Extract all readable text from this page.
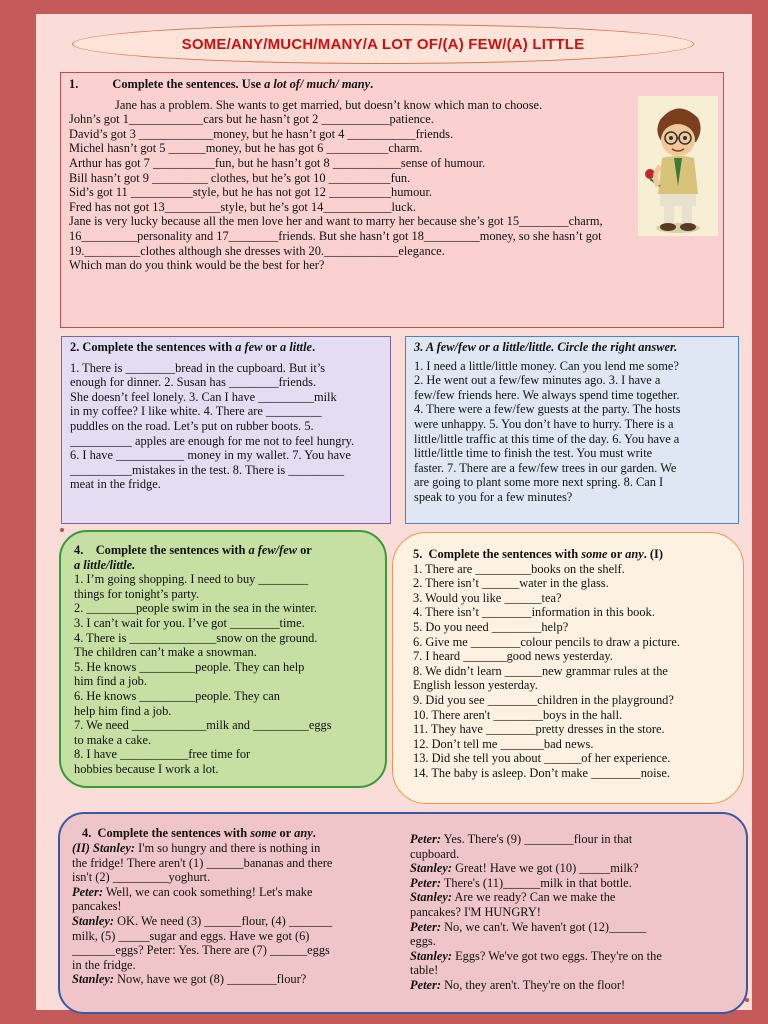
SOME/ANY/MUCH/MANY/A LOT OF/(A) FEW/(A) LITTLE

1.	Complete the sentences. Use a lot of/ much/ many.

Jane has a problem. She wants to get married, but doesn’t know which man to choose.
John’s got 1____________cars but he hasn’t got 2 ___________patience.
David’s got 3 ____________money, but he hasn’t got 4 ___________friends.
Michel hasn’t got 5 ______money, but he has got 6 __________charm.
Arthur has got 7 __________fun, but he hasn’t got 8 ___________sense of humour.
Bill hasn’t got 9 _________ clothes, but he’s got 10 __________fun.
Sid’s got 11 __________style, but he has not got 12 __________humour.
Fred has not got 13_________style, but he’s got 14___________luck.
Jane is very lucky because all the men love her and want to marry her because she’s got 15________charm,
16_________personality and 17________friends. But she hasn’t got 18_________money, so she hasn’t got
19._________clothes although she dresses with 20.____________elegance.
Which man do you think would be the best for her?

2. Complete the sentences with a few or a little.

1. There is ________bread in the cupboard. But it’s
enough for dinner. 2. Susan has ________friends.
She doesn’t feel lonely. 3. Can I have _________milk
in my coffee? I like white. 4. There are _________
puddles on the road. Let’s put on rubber boots. 5.
__________ apples are enough for me not to feel hungry.
6. I have ___________ money in my wallet. 7. You have
__________mistakes in the test. 8. There is _________
meat in the fridge.

3. A few/few or a little/little. Circle the right answer.

1. I need a little/little money. Can you lend me some?
2. He went out a few/few minutes ago. 3. I have a
few/few friends here. We always spend time together.
4. There were a few/few guests at the party. The hosts
were unhappy. 5. You don’t have to hurry. There is a
little/little traffic at this time of the day. 6. You have a
little/little time to finish the test. You must write
faster. 7. There are a few/few trees in our garden. We
are going to plant some more next spring. 8. Can I
speak to you for a few minutes?

4. Complete the sentences with a few/few or
a little/little.

1. I’m going shopping. I need to buy ________
things for tonight’s party.
2. ________people swim in the sea in the winter.
3. I can’t wait for you. I’ve got ________time.
4. There is ______________snow on the ground.
The children can’t make a snowman.
5. He knows _________people. They can help
him find a job.
6. He knows _________people. They can
help him find a job.
7. We need ____________milk and _________eggs
to make a cake.
8. I have ___________free time for
hobbies because I work a lot.

5. Complete the sentences with some or any. (I)

1. There are _________books on the shelf.
2. There isn’t ______water in the glass.
3. Would you like ______tea?
4. There isn’t ________information in this book.
5. Do you need ________help?
6. Give me ________colour pencils to draw a picture.
7. I heard _______good news yesterday.
8. We didn’t learn ______new grammar rules at the
English lesson yesterday.
9. Did you see ________children in the playground?
10. There aren't ________boys in the hall.
11. They have ________pretty dresses in the store.
12. Don’t tell me _______bad news.
13. Did she tell you about ______of her experience.
14. The baby is asleep. Don’t make ________noise.

4. Complete the sentences with some or any.

(II) Stanley: I'm so hungry and there is nothing in
the fridge! There aren't (1) ______bananas and there
isn't (2) _________yoghurt.
Peter: Well, we can cook something! Let's make
pancakes!
Stanley: OK. We need (3) ______flour, (4) _______
milk, (5) _____sugar and eggs. Have we got (6)
_______eggs? Peter: Yes. There are (7) ______eggs
in the fridge.
Stanley: Now, have we got (8) ________flour?
Peter: Yes. There's (9) ________flour in that
cupboard.
Stanley: Great! Have we got (10) _____milk?
Peter: There's (11)______milk in that bottle.
Stanley: Are we ready? Can we make the
pancakes? I'M HUNGRY!
Peter: No, we can't. We haven't got (12)______
eggs.
Stanley: Eggs? We've got two eggs. They're on the
table!
Peter: No, they aren't. They're on the floor!
